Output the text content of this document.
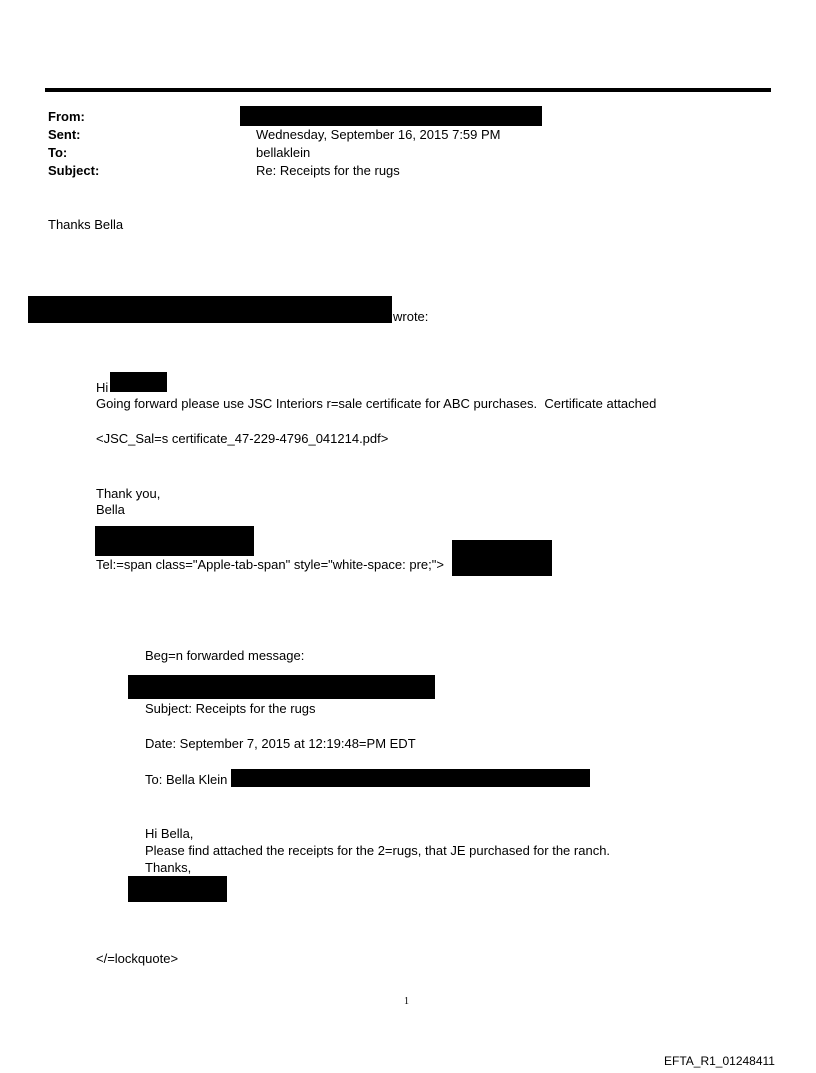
From:
Sent:	Wednesday, September 16, 2015 7:59 PM
To:	bellaklein
Subject:	Re: Receipts for the rugs
Thanks Bella
wrote:
Hi
Going forward please use JSC Interiors r=sale certificate for ABC purchases.  Certificate attached
<JSC_Sal=s certificate_47-229-4796_041214.pdf>
Thank you,
Bella
Tel:=span class="Apple-tab-span" style="white-space: pre;">
Beg=n forwarded message:
Subject: Receipts for the rugs
Date: September 7, 2015 at 12:19:48=PM EDT
To: Bella Klein
Hi Bella,
Please find attached the receipts for the 2=rugs, that JE purchased for the ranch.
Thanks,
</=lockquote>
1
EFTA_R1_01248411
